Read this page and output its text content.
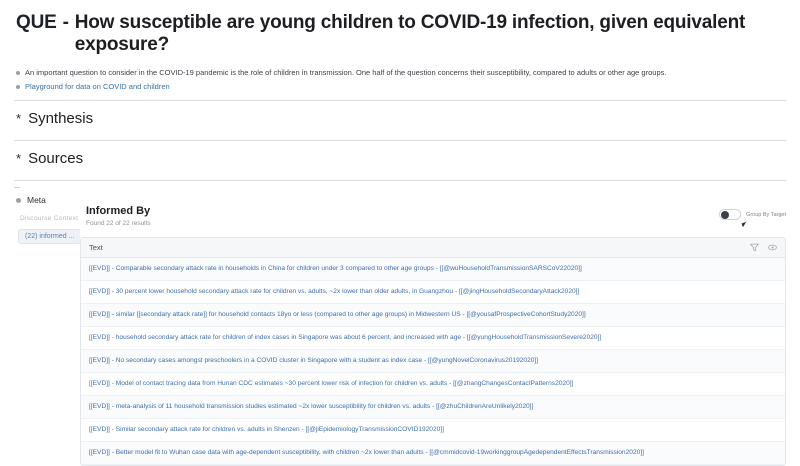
QUE - How susceptible are young children to COVID-19 infection, given equivalent exposure?
An important question to consider in the COVID-19 pandemic is the role of children in transmission. One half of the question concerns their susceptibility, compared to adults or other age groups.
Playground for data on COVID and children
* Synthesis
* Sources
Meta
Discourse Context
(22) informed ...
Informed By
Found 22 of 22 results
Group By Target
Text
[[EVD]] - Comparable secondary attack rate in households in China for children under 3 compared to other age groups - [[@wuHouseholdTransmissionSARSCoV22020]]
[[EVD]] - 30 percent lower household secondary attack rate for children vs. adults, ~2x lower than older adults, in Guangzhou - [[@jingHouseholdSecondaryAttack2020]]
[[EVD]] - similar [[secondary attack rate]] for household contacts 18yo or less (compared to other age groups) in Midwestern US - [[@yousafProspectiveCohortStudy2020]]
[[EVD]] - household secondary attack rate for children of index cases in Singapore was about 6 percent, and increased with age - [[@yungHouseholdTransmissionSevere2020]]
[[EVD]] - No secondary cases amongst preschoolers in a COVID cluster in Singapore with a student as index case - [[@yungNovelCoronavirus20192020]]
[[EVD]] - Model of contact tracing data from Hunan CDC estimates ~30 percent lower risk of infection for children vs. adults - [[@zhangChangesContactPatterns2020]]
[[EVD]] - meta-analysis of 11 household transmission studies estimated ~2x lower susceptibility for children vs. adults - [[@zhuChildrenAreUnlikely2020]]
[[EVD]] - Similar secondary attack rate for children vs. adults in Shenzen - [[@jiEpidemiologyTransmissionCOVID192020]]
[[EVD]] - Better model fit to Wuhan case data with age-dependent susceptibility, with children ~2x lower than adults - [[@cmmidcovid-19workinggroupAgedependentEffectsTransmission2020]]
